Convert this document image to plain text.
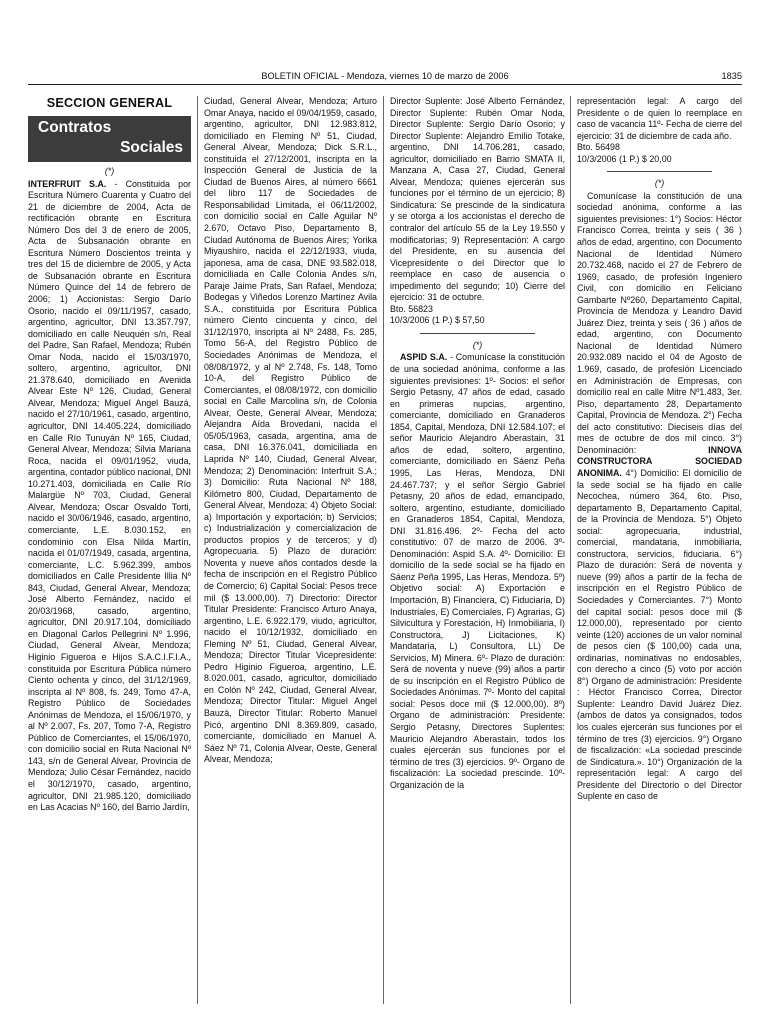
BOLETIN OFICIAL - Mendoza, viernes 10 de marzo de 2006	1835
SECCION GENERAL
Contratos
Sociales
(*)

INTERFRUIT S.A. - Constituida por Escritura Número Cuarenta y Cuatro del 21 de diciembre de 2004, Acta de rectificación obrante en Escritura Número Dos del 3 de enero de 2005, Acta de Subsanación obrante en Escritura Número Doscientos treinta y tres del 15 de diciembre de 2005, y Acta de Subsanación obrante en Escritura Número Quince del 14 de febrero de 2006; 1) Accionistas: Sergio Darío Osorio, nacido el 09/11/1957, casado, argentino, agricultor, DNI 13.357.797, domiciliado en calle Neuquén s/n, Real del Padre, San Rafael, Mendoza; Rubén Omar Noda, nacido el 15/03/1970, soltero, argentino, agricultor, DNI 21.378.640, domiciliado en Avenida Alvear Este Nº 126, Ciudad, General Alvear, Mendoza; Miguel Angel Bauzá, nacido el 27/10/1961, casado, argentino, agricultor, DNI 14.405.224, domiciliado en Calle Río Tunuyán Nº 165, Ciudad, General Alvear, Mendoza; Silvia Mariana Roca, nacida el 09/01/1952, viuda, argentina, contador público nacional, DNI 10.271.403, domiciliada en Calle Río Malargüe Nº 703, Ciudad, General Alvear, Mendoza; Oscar Osvaldo Torti, nacido el 30/06/1946, casado, argentino, comerciante, L.E. 8.030.152, en condominio con Elsa Nilda Martín, nacida el 01/07/1949, casada, argentina, comerciante, L.C. 5.962.399, ambos domiciliados en Calle Presidente Illia Nº 843, Ciudad, General Alvear, Mendoza; José Alberto Fernández, nacido el 20/03/1968, casado, argentino, agricultor, DNI 20.917.104, domiciliado en Diagonal Carlos Pellegrini Nº 1.996, Ciudad, General Alvear, Mendoza; Higinio Figueroa e Hijos S.A.C.I.F.I.A., constituida por Escritura Pública número Ciento ochenta y cinco, del 31/12/1969, inscripta al Nº 808, fs. 249, Tomo 47-A, Registro Público de Sociedades Anónimas de Mendoza, el 15/06/1970, y al Nº 2.007, Fs. 207, Tomo 7-A, Registro Público de Comerciantes, el 15/06/1970, con domicilio social en Ruta Nacional Nº 143, s/n de General Alvear, Provincia de Mendoza; Julio César Fernández, nacido el 30/12/1970, casado, argentino, agricultor, DNI 21.985.120, domiciliado en Las Acacias Nº 160, del Barrio Jardín,

Ciudad, General Alvear, Mendoza; Arturo Omar Anaya, nacido el 09/04/1959, casado, argentino, agricultor, DNI 12.983.812, domiciliado en Fleming Nº 51, Ciudad, General Alvear, Mendoza; Dick S.R.L., constituida el 27/12/2001, inscripta en la Inspección General de Justicia de la Ciudad de Buenos Aires, al número 6661 del libro 117 de Sociedades de Responsabilidad Limitada, el 06/11/2002, con domicilio social en Calle Aguilar Nº 2.670, Octavo Piso, Departamento B, Ciudad Autónoma de Buenos Aires; Yorika Miyaushiro, nacida el 22/12/1933, viuda, japonesa, ama de casa, DNE 93.582.018, domiciliada en Calle Colonia Andes s/n, Paraje Jaime Prats, San Rafael, Mendoza; Bodegas y Viñedos Lorenzo Martínez Avila S.A., constituida por Escritura Pública número Ciento cincuenta y cinco, del 31/12/1970, inscripta al Nº 2488, Fs. 285, Tomo 56-A, del Registro Público de Sociedades Anónimas de Mendoza, el 08/08/1972, y al Nº 2.748, Fs. 148, Tomo 10-A, del Registro Público de Comerciantes, el 08/08/1972, con domicilio social en Calle Marcolina s/n, de Colonia Alvear, Oeste, General Alvear, Mendoza; Alejandra Aída Brovedani, nacida el 05/05/1963, casada, argentina, ama de casa, DNI 16.376.041, domiciliada en Laprida Nº 140, Ciudad, General Alvear, Mendoza; 2) Denominación: Interfruit S.A.; 3) Domicilio: Ruta Nacional Nº 188, Kilómetro 800, Ciudad, Departamento de General Alvear, Mendoza; 4) Objeto Social: a) Importación y exportación; b) Servicios; c) Industrialización y comercialización de productos propios y de terceros; y d) Agropecuaria. 5) Plazo de duración: Noventa y nueve años contados desde la fecha de inscripción en el Registro Público de Comercio; 6) Capital Social: Pesos trece mil ($ 13.000,00). 7) Directorio: Director Titular Presidente: Francisco Arturo Anaya, argentino, L.E. 6.922.179, viudo, agricultor, nacido el 10/12/1932, domiciliado en Fleming Nº 51, Ciudad, General Alvear, Mendoza; Director Titular Vicepresidente: Pedro Higinio Figueroa, argentino, L.E. 8.020.001, casado, agricultor, domiciliado en Colón Nº 242, Ciudad, General Alvear, Mendoza; Director Titular: Miguel Angel Bauzá, Director Titular: Roberto Manuel Picó, argentino DNI 8.369.809, casado, comerciante, domiciliado en Manuel A. Sáez Nº 71, Colonia Alvear, Oeste, General Alvear, Mendoza;

Director Suplente: José Alberto Fernández, Director Suplente: Rubén Omar Noda, Director Suplente: Sergio Darío Osorio; y Director Suplente: Alejandro Emilio Totake, argentino, DNI 14.706.281, casado, agricultor, domiciliado en Barrio SMATA II, Manzana A, Casa 27, Ciudad, General Alvear, Mendoza; quienes ejercerán sus funciones por el término de un ejercicio; 8) Sindicatura: Se prescinde de la sindicatura y se otorga a los accionistas el derecho de contralor del artículo 55 de la Ley 19.550 y modificatorias; 9) Representación: A cargo del Presidente, en su ausencia del Vicepresidente o del Director que lo reemplace en caso de ausencia o impedimento del segundo; 10) Cierre del ejercicio: 31 de octubre.

Bto. 56823

10/3/2006 (1 P.) $ 57,50

(*)

ASPID S.A. - Comunícase la constitución de una sociedad anónima, conforme a las siguientes previsiones: 1º- Socios: el señor Sergio Petasny, 47 años de edad, casado en primeras nupcias, argentino, comerciante, domiciliado en Granaderos 1854, Capital, Mendoza, DNI 12.584.107; el señor Mauricio Alejandro Aberastain, 31 años de edad, soltero, argentino, comerciante, domiciliado en Sáenz Peña 1995, Las Heras, Mendoza, DNI 24.467.737; y el señor Sergio Gabriel Petasny, 20 años de edad, emancipado, soltero, argentino, estudiante, domiciliado en Granaderos 1854, Capital, Mendoza, DNI 31.816.496. 2º- Fecha del acto constitutivo: 07 de marzo de 2006. 3º- Denominación: Aspid S.A. 4º- Domicilio: El domicilio de la sede social se ha fijado en Sáenz Peña 1995, Las Heras, Mendoza. 5º) Objetivo social: A) Exportación e Importación, B) Financiera, C) Fiduciaria, D) Industriales, E) Comerciales, F) Agrarias, G) Silvicultura y Forestación, H) Inmobiliaria, I) Constructora, J) Licitaciones, K) Mandataria, L) Consultora, LL) De Servicios, M) Minera. 6º- Plazo de duración: Será de noventa y nueve (99) años a partir de su inscripción en el Registro Público de Sociedades Anónimas. 7º- Monto del capital social: Pesos doce mil ($ 12.000,00). 8º) Organo de administración: Presidente: Sergio Petasny, Directores Suplentes: Mauricio Alejandro Aberastain, todos los cuales ejercerán sus funciones por el término de tres (3) ejercicios. 9º- Organo de fiscalización: La sociedad prescinde. 10º- Organización de la

representación legal: A cargo del Presidente o de quien lo reemplace en caso de vacancia 11º- Fecha de cierre del ejercicio: 31 de diciembre de cada año.

Bto. 56498

10/3/2006 (1 P.) $ 20,00

(*)

Comunícase la constitución de una sociedad anónima, conforme a las siguientes previsiones: 1°) Socios: Héctor Francisco Correa, treinta y seis ( 36 ) años de edad, argentino, con Documento Nacional de Identidad Número 20.732.468, nacido el 27 de Febrero de 1969, casado, de profesión Ingeniero Civil, con domicilio en Feliciano Gambarte Nº260, Departamento Capital, Provincia de Mendoza y Leandro David Juárez Diez, treinta y seis ( 36 ) años de edad, argentino, con Documento Nacional de Identidad Número 20.932.089 nacido el 04 de Agosto de 1.969, casado, de profesión Licenciado en Administración de Empresas, con domicilio real en calle Mitre Nº1.483, 3er. Piso, departamento 28, Departamento Capital, Provincia de Mendoza. 2°) Fecha del acto constitutivo: Dieciseis días del mes de octubre de dos mil cinco. 3°) Denominación: INNOVA CONSTRUCTORA SOCIEDAD ANONIMA. 4°) Domicilio: El domicilio de la sede social se ha fijado en calle Necochea, número 364, 6to. Piso, departamento B, Departamento Capital, de la Provincia de Mendoza. 5°) Objeto social: agropecuaria, industrial, comercial, mandataria, inmobiliaria, constructora, servicios, fiduciaria. 6°) Plazo de duración: Será de noventa y nueve (99) años a partir de la fecha de inscripción en el Registro Público de Sociedades y Comerciantes. 7°) Monto del capital social: pesos doce mil ($ 12.000,00), representado por ciento veinte (120) acciones de un valor nominal de pesos cien ($ 100,00) cada una, ordinarias, nominativas no endosables, con derecho a cinco (5) voto por acción 8°) Organo de administración: Presidente : Héctor Francisco Correa, Director Suplente: Leandro David Juárez Diez. (ambos de datos ya consignados, todos los cuales ejercerán sus funciones por el término de tres (3) ejercicios. 9°) Organo de fiscalización: «La sociedad prescinde de Sindicatura.». 10°) Organización de la representación legal: A cargo del Presidente del Directorio o del Director Suplente en caso de
